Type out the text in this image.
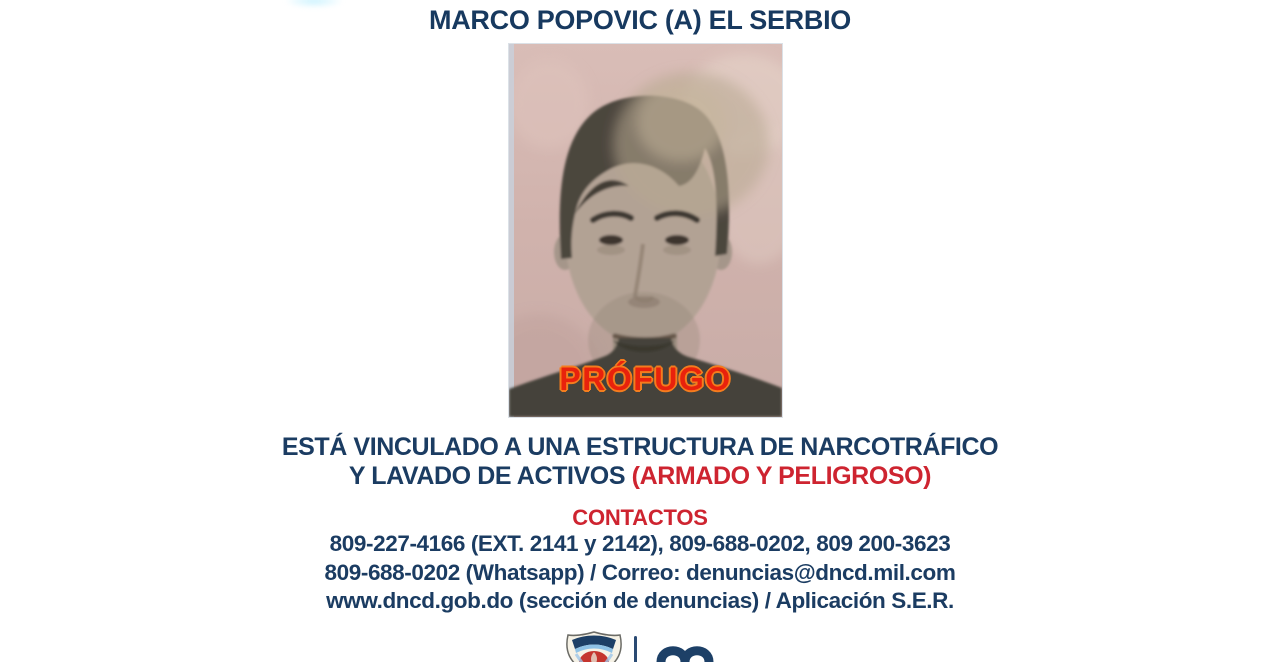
MARCO POPOVIC (A) EL SERBIO
PRÓFUGO
ESTÁ VINCULADO A UNA ESTRUCTURA DE NARCOTRÁFICO
Y LAVADO DE ACTIVOS (ARMADO Y PELIGROSO)
CONTACTOS
809-227-4166 (EXT. 2141 y 2142), 809-688-0202, 809 200-3623
809-688-0202 (Whatsapp) / Correo: denuncias@dncd.mil.com
www.dncd.gob.do (sección de denuncias) / Aplicación S.E.R.
